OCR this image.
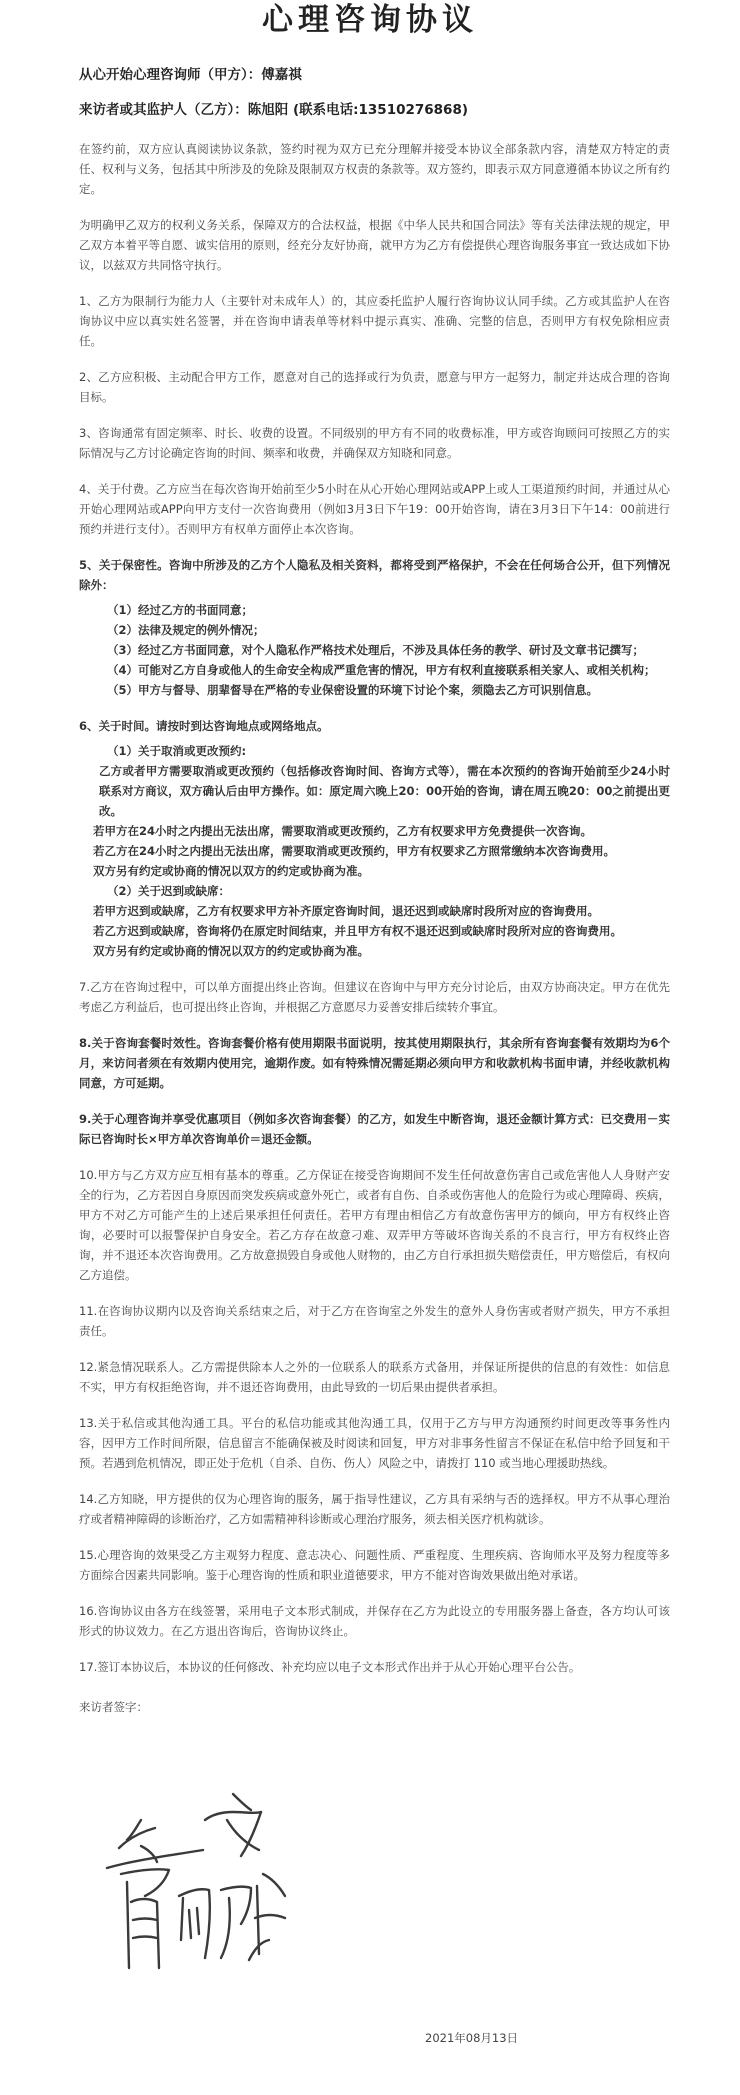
心理咨询协议

从心开始心理咨询师（甲方）：傅嘉祺

来访者或其监护人（乙方）：陈旭阳 (联系电话:13510276868)

在签约前，双方应认真阅读协议条款，签约时视为双方已充分理解并接受本协议全部条款内容，清楚双方特定的责任、权利与义务，包括其中所涉及的免除及限制双方权责的条款等。双方签约，即表示双方同意遵循本协议之所有约定。

为明确甲乙双方的权利义务关系，保障双方的合法权益，根据《中华人民共和国合同法》等有关法律法规的规定，甲乙双方本着平等自愿、诚实信用的原则，经充分友好协商，就甲方为乙方有偿提供心理咨询服务事宜一致达成如下协议，以兹双方共同恪守执行。

1、乙方为限制行为能力人（主要针对未成年人）的，其应委托监护人履行咨询协议认同手续。乙方或其监护人在咨询协议中应以真实姓名签署，并在咨询申请表单等材料中提示真实、准确、完整的信息，否则甲方有权免除相应责任。

2、乙方应积极、主动配合甲方工作，愿意对自己的选择或行为负责，愿意与甲方一起努力，制定并达成合理的咨询目标。

3、咨询通常有固定频率、时长、收费的设置。不同级别的甲方有不同的收费标准，甲方或咨询顾问可按照乙方的实际情况与乙方讨论确定咨询的时间、频率和收费，并确保双方知晓和同意。

4、关于付费。乙方应当在每次咨询开始前至少5小时在从心开始心理网站或APP上或人工渠道预约时间，并通过从心开始心理网站或APP向甲方支付一次咨询费用（例如3月3日下午19：00开始咨询，请在3月3日下午14：00前进行预约并进行支付）。否则甲方有权单方面停止本次咨询。

5、关于保密性。咨询中所涉及的乙方个人隐私及相关资料，都将受到严格保护，不会在任何场合公开，但下列情况除外：

（1）经过乙方的书面同意；

（2）法律及规定的例外情况；

（3）经过乙方书面同意，对个人隐私作严格技术处理后，不涉及具体任务的教学、研讨及文章书记撰写；

（4）可能对乙方自身或他人的生命安全构成严重危害的情况，甲方有权利直接联系相关家人、或相关机构；

（5）甲方与督导、朋辈督导在严格的专业保密设置的环境下讨论个案，须隐去乙方可识别信息。

6、关于时间。请按时到达咨询地点或网络地点。

（1）关于取消或更改预约:

乙方或者甲方需要取消或更改预约（包括修改咨询时间、咨询方式等），需在本次预约的咨询开始前至少24小时联系对方商议，双方确认后由甲方操作。如：原定周六晚上20：00开始的咨询，请在周五晚20：00之前提出更改。

若甲方在24小时之内提出无法出席，需要取消或更改预约，乙方有权要求甲方免费提供一次咨询。

若乙方在24小时之内提出无法出席，需要取消或更改预约，甲方有权要求乙方照常缴纳本次咨询费用。

双方另有约定或协商的情况以双方的约定或协商为准。

（2）关于迟到或缺席：

若甲方迟到或缺席，乙方有权要求甲方补齐原定咨询时间，退还迟到或缺席时段所对应的咨询费用。

若乙方迟到或缺席，咨询将仍在原定时间结束，并且甲方有权不退还迟到或缺席时段所对应的咨询费用。

双方另有约定或协商的情况以双方的约定或协商为准。

7.乙方在咨询过程中，可以单方面提出终止咨询。但建议在咨询中与甲方充分讨论后，由双方协商决定。甲方在优先考虑乙方利益后，也可提出终止咨询，并根据乙方意愿尽力妥善安排后续转介事宜。

8.关于咨询套餐时效性。咨询套餐价格有使用期限书面说明，按其使用期限执行，其余所有咨询套餐有效期均为6个月，来访问者须在有效期内使用完，逾期作废。如有特殊情况需延期必须向甲方和收款机构书面申请，并经收款机构同意，方可延期。

9.关于心理咨询并享受优惠项目（例如多次咨询套餐）的乙方，如发生中断咨询，退还金额计算方式：已交费用－实际已咨询时长×甲方单次咨询单价＝退还金额。

10.甲方与乙方双方应互相有基本的尊重。乙方保证在接受咨询期间不发生任何故意伤害自己或危害他人人身财产安全的行为，乙方若因自身原因而突发疾病或意外死亡，或者有自伤、自杀或伤害他人的危险行为或心理障碍、疾病，甲方不对乙方可能产生的上述后果承担任何责任。若甲方有理由相信乙方有故意伤害甲方的倾向，甲方有权终止咨询，必要时可以报警保护自身安全。若乙方存在故意刁难、双弄甲方等破坏咨询关系的不良言行，甲方有权终止咨询，并不退还本次咨询费用。乙方故意损毁自身或他人财物的，由乙方自行承担损失赔偿责任，甲方赔偿后，有权向乙方追偿。

11.在咨询协议期内以及咨询关系结束之后，对于乙方在咨询室之外发生的意外人身伤害或者财产损失，甲方不承担责任。

12.紧急情况联系人。乙方需提供除本人之外的一位联系人的联系方式备用，并保证所提供的信息的有效性：如信息不实，甲方有权拒绝咨询，并不退还咨询费用，由此导致的一切后果由提供者承担。

13.关于私信或其他沟通工具。平台的私信功能或其他沟通工具，仅用于乙方与甲方沟通预约时间更改等事务性内容，因甲方工作时间所限，信息留言不能确保被及时阅读和回复，甲方对非事务性留言不保证在私信中给予回复和干预。若遇到危机情况，即正处于危机（自杀、自伤、伤人）风险之中，请拨打 110 或当地心理援助热线。

14.乙方知晓，甲方提供的仅为心理咨询的服务，属于指导性建议，乙方具有采纳与否的选择权。甲方不从事心理治疗或者精神障碍的诊断治疗，乙方如需精神科诊断或心理治疗服务，须去相关医疗机构就诊。

15.心理咨询的效果受乙方主观努力程度、意志决心、问题性质、严重程度、生理疾病、咨询师水平及努力程度等多方面综合因素共同影响。鉴于心理咨询的性质和职业道德要求，甲方不能对咨询效果做出绝对承诺。

16.咨询协议由各方在线签署，采用电子文本形式制成，并保存在乙方为此设立的专用服务器上备查，各方均认可该形式的协议效力。在乙方退出咨询后，咨询协议终止。

17.签订本协议后，本协议的任何修改、补充均应以电子文本形式作出并于从心开始心理平台公告。

来访者签字：

2021年08月13日
